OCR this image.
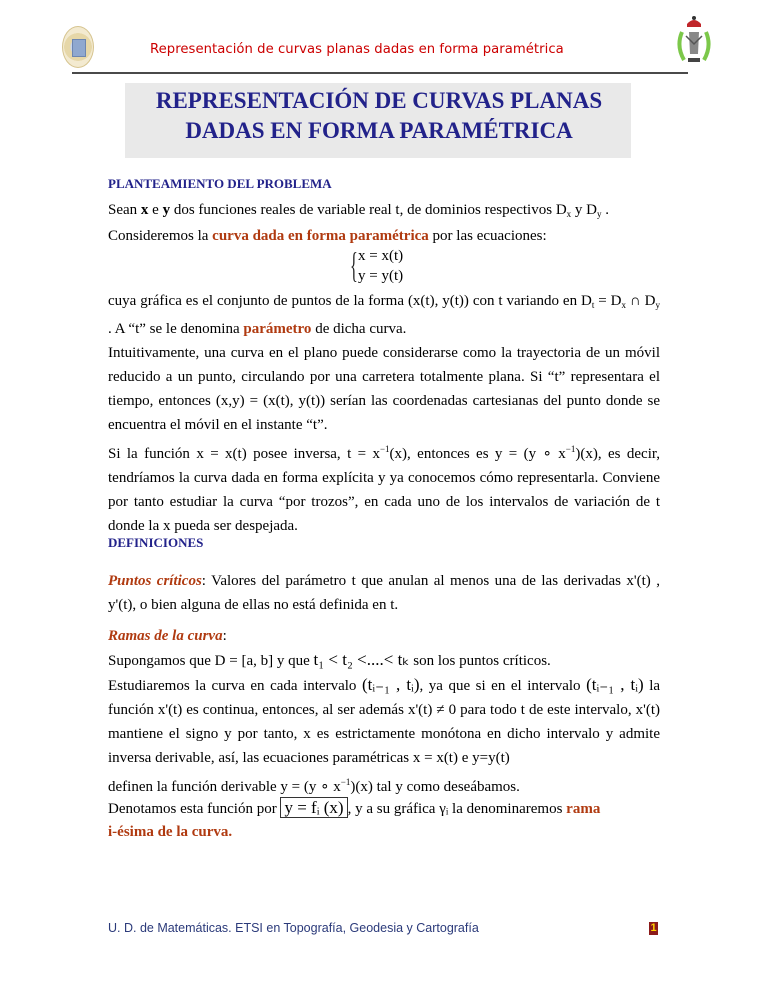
Representación de curvas planas dadas en forma paramétrica
REPRESENTACIÓN DE CURVAS PLANAS
DADAS EN FORMA PARAMÉTRICA
PLANTEAMIENTO DEL PROBLEMA
Sean x e y dos funciones reales de variable real t, de dominios respectivos $D_x$ y $D_y$ .
Consideremos la curva dada en forma paramétrica por las ecuaciones:
{ x = x(t)
y = y(t)
cuya gráfica es el conjunto de puntos de la forma (x(t), y(t)) con t variando en $D_t = D_x$ ∩ $D_y$ . A “t” se le denomina parámetro de dicha curva.
Intuitivamente, una curva en el plano puede considerarse como la trayectoria de un móvil reducido a un punto, circulando por una carretera totalmente plana. Si “t” representara el tiempo, entonces (x,y) = (x(t), y(t)) serían las coordenadas cartesianas del punto donde se encuentra el móvil en el instante “t”.
Si la función x = x(t) posee inversa, $t = x^{-1}(x)$, entonces es y = (y ∘ $x^{-1})(x)$, es decir, tendríamos la curva dada en forma explícita y ya conocemos cómo representarla. Conviene por tanto estudiar la curva “por trozos”, en cada uno de los intervalos de variación de t donde la x pueda ser despejada.
DEFINICIONES
Puntos críticos: Valores del parámetro t que anulan al menos una de las derivadas x'(t) , y'(t), o bien alguna de ellas no está definida en t.
Ramas de la curva:
Supongamos que D = [a, b] y que t₁ < t₂ <....< tₖ son los puntos críticos.
Estudiaremos la curva en cada intervalo (tᵢ₋₁ , tᵢ), ya que si en el intervalo (tᵢ₋₁ , tᵢ) la función x'(t) es continua, entonces, al ser además x'(t) ≠ 0 para todo t de este intervalo, x'(t) mantiene el signo y por tanto, x es estrictamente monótona en dicho intervalo y admite inversa derivable, así, las ecuaciones paramétricas x = x(t) e y=y(t)
definen la función derivable y = (y ∘ $x^{-1})(x)$ tal y como deseábamos.
Denotamos esta función por y = fᵢ (x) , y a su gráfica γᵢ la denominaremos rama
i-ésima de la curva.
U. D. de Matemáticas. ETSI en Topografía, Geodesia y Cartografía	1
